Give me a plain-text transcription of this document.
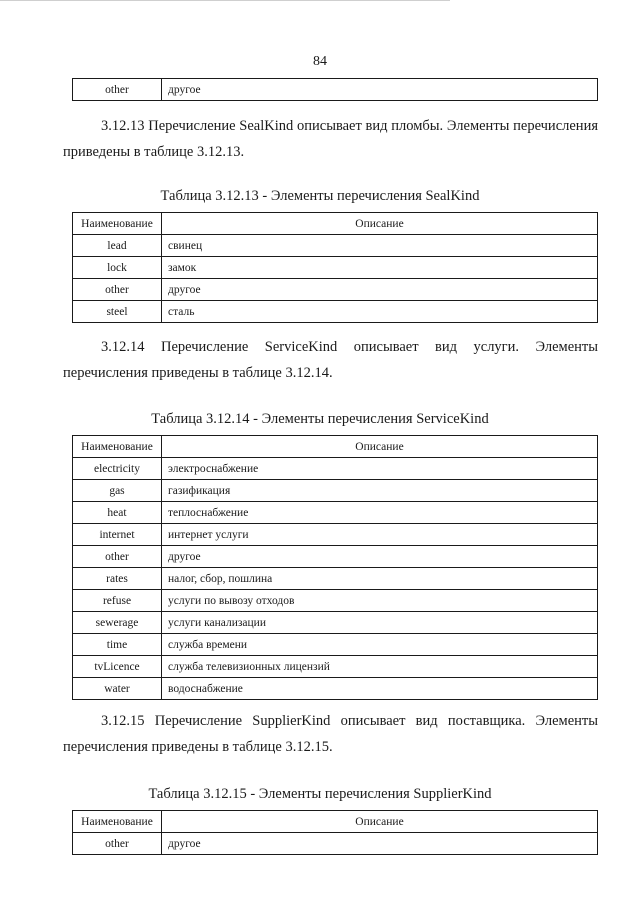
84
other	другое
3.12.13 Перечисление SealKind описывает вид пломбы. Элементы перечисления
приведены в таблице 3.12.13.
Таблица 3.12.13 - Элементы перечисления SealKind
Наименование	Описание
lead	свинец
lock	замок
other	другое
steel	сталь
3.12.14 Перечисление ServiceKind описывает вид услуги. Элементы
перечисления приведены в таблице 3.12.14.
Таблица 3.12.14 - Элементы перечисления ServiceKind
Наименование	Описание
electricity	электроснабжение
gas	газификация
heat	теплоснабжение
internet	интернет услуги
other	другое
rates	налог, сбор, пошлина
refuse	услуги по вывозу отходов
sewerage	услуги канализации
time	служба времени
tvLicence	служба телевизионных лицензий
water	водоснабжение
3.12.15 Перечисление SupplierKind описывает вид поставщика. Элементы
перечисления приведены в таблице 3.12.15.
Таблица 3.12.15 - Элементы перечисления SupplierKind
Наименование	Описание
other	другое
